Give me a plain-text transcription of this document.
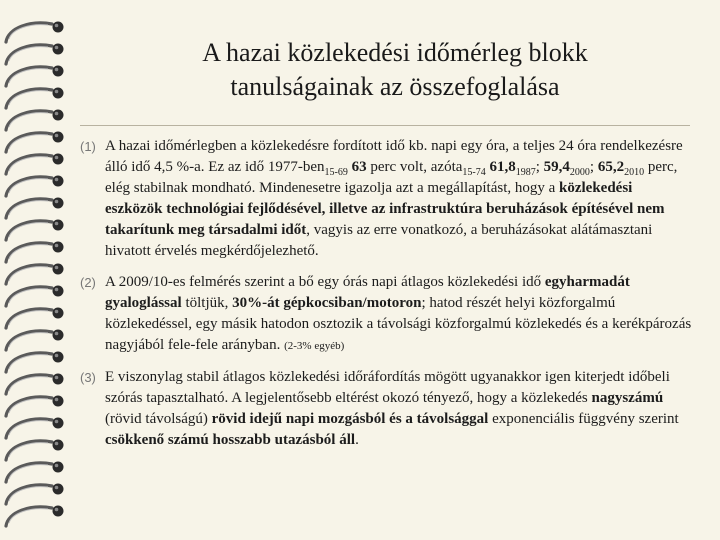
A hazai közlekedési időmérleg blokk
tanulságainak az összefoglalása
(1) A hazai időmérlegben a közlekedésre fordított idő kb. napi egy óra, a teljes 24 óra rendelkezésre álló idő 4,5 %-a. Ez az idő 1977-ben$_{15-69}$ 63 perc volt, azóta$_{15-74}$ $61,8_{1987}$; $59,4_{2000}$; $65,2_{2010}$ perc, elég stabilnak mondható. Mindenesetre igazolja azt a megállapítást, hogy a közlekedési eszközök technológiai fejlődésével, illetve az infrastruktúra beruházások építésével nem takarítunk meg társadalmi időt, vagyis az erre vonatkozó, a beruházásokat alátámasztani hivatott érvelés megkérdőjelezhető.
(2) A 2009/10-es felmérés szerint a bő egy órás napi átlagos közlekedési idő egyharmadát gyaloglással töltjük, 30%-át gépkocsiban/motoron; hatod részét helyi közforgalmú közlekedéssel, egy másik hatodon osztozik a távolsági közforgalmú közlekedés és a kerékpározás nagyjából fele-fele arányban. (2-3% egyéb)
(3) E viszonylag stabil átlagos közlekedési időráfordítás mögött ugyanakkor igen kiterjedt időbeli szórás tapasztalható. A legjelentősebb eltérést okozó tényező, hogy a közlekedés nagyszámú (rövid távolságú) rövid idejű napi mozgásból és a távolsággal exponenciális függvény szerint csökkenő számú hosszabb utazásból áll.
